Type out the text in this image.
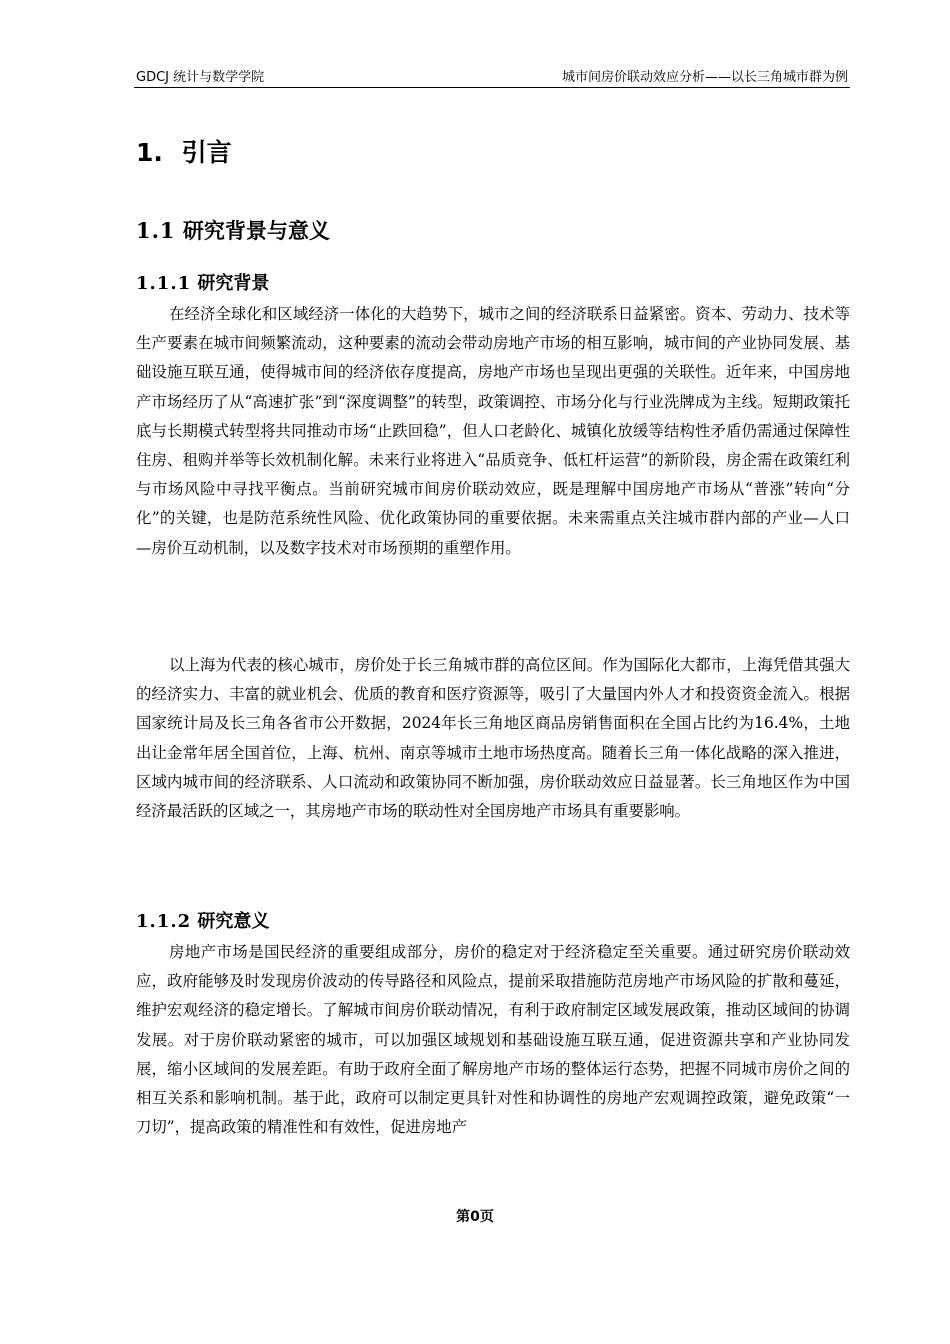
GDCJ 统计与数学学院	城市间房价联动效应分析——以长三角城市群为例
1. 引言
1.1 研究背景与意义
1.1.1 研究背景

在经济全球化和区域经济一体化的大趋势下，城市之间的经济联系日益紧密。资本、劳动力、技术等生产要素在城市间频繁流动，这种要素的流动会带动房地产市场的相互影响，城市间的产业协同发展、基础设施互联互通，使得城市间的经济依存度提高，房地产市场也呈现出更强的关联性。近年来，中国房地产市场经历了从“高速扩张”到“深度调整”的转型，政策调控、市场分化与行业洗牌成为主线。短期政策托底与长期模式转型将共同推动市场“止跌回稳”，但人口老龄化、城镇化放缓等结构性矛盾仍需通过保障性住房、租购并举等长效机制化解。未来行业将进入“品质竞争、低杠杆运营”的新阶段，房企需在政策红利与市场风险中寻找平衡点。当前研究城市间房价联动效应，既是理解中国房地产市场从“普涨”转向“分化”的关键，也是防范系统性风险、优化政策协同的重要依据。未来需重点关注城市群内部的产业—人口—房价互动机制，以及数字技术对市场预期的重塑作用。

以上海为代表的核心城市，房价处于长三角城市群的高位区间。作为国际化大都市，上海凭借其强大的经济实力、丰富的就业机会、优质的教育和医疗资源等，吸引了大量国内外人才和投资资金流入。根据国家统计局及长三角各省市公开数据，2024年长三角地区商品房销售面积在全国占比约为16.4%，土地出让金常年居全国首位，上海、杭州、南京等城市土地市场热度高。随着长三角一体化战略的深入推进，区域内城市间的经济联系、人口流动和政策协同不断加强，房价联动效应日益显著。长三角地区作为中国经济最活跃的区域之一，其房地产市场的联动性对全国房地产市场具有重要影响。

1.1.2 研究意义

房地产市场是国民经济的重要组成部分，房价的稳定对于经济稳定至关重要。通过研究房价联动效应，政府能够及时发现房价波动的传导路径和风险点，提前采取措施防范房地产市场风险的扩散和蔓延，维护宏观经济的稳定增长。了解城市间房价联动情况，有利于政府制定区域发展政策，推动区域间的协调发展。对于房价联动紧密的城市，可以加强区域规划和基础设施互联互通，促进资源共享和产业协同发展，缩小区域间的发展差距。有助于政府全面了解房地产市场的整体运行态势，把握不同城市房价之间的相互关系和影响机制。基于此，政府可以制定更具针对性和协调性的房地产宏观调控政策，避免政策“一刀切”，提高政策的精准性和有效性，促进房地产

第0页
